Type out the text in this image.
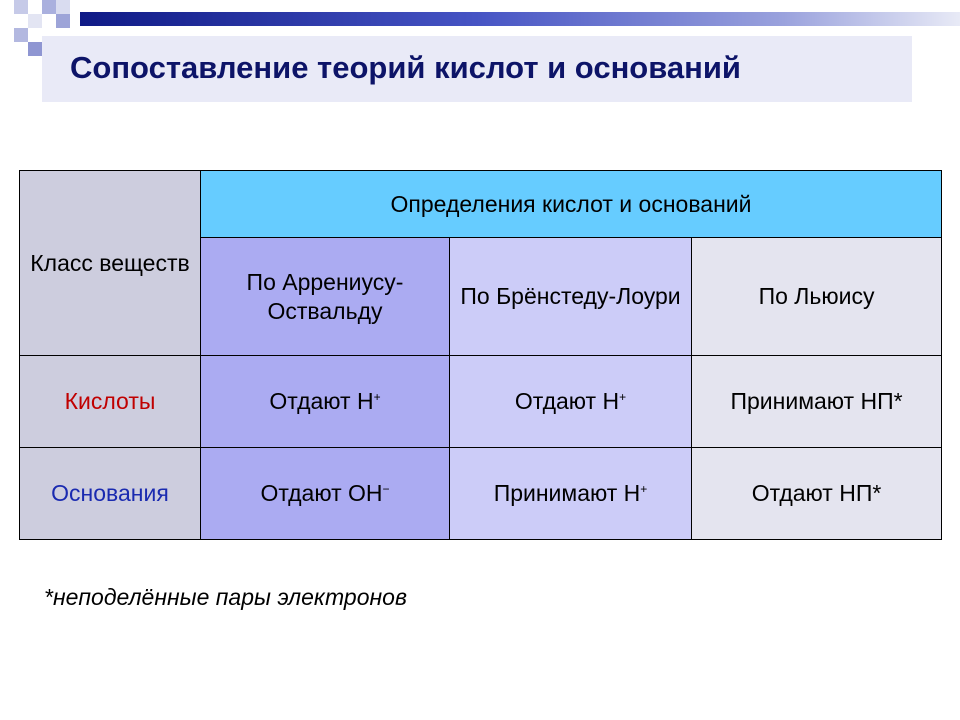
Сопоставление теорий кислот и оснований
Класс веществ	Определения кислот и оснований		
	По Аррениусу-Оствальду	По Брёнстеду-Лоури	По Льюису
Кислоты	Отдают H+	Отдают H+	Принимают НП*
Основания	Отдают OH−	Принимают H+	Отдают НП*

*неподелённые пары электронов
